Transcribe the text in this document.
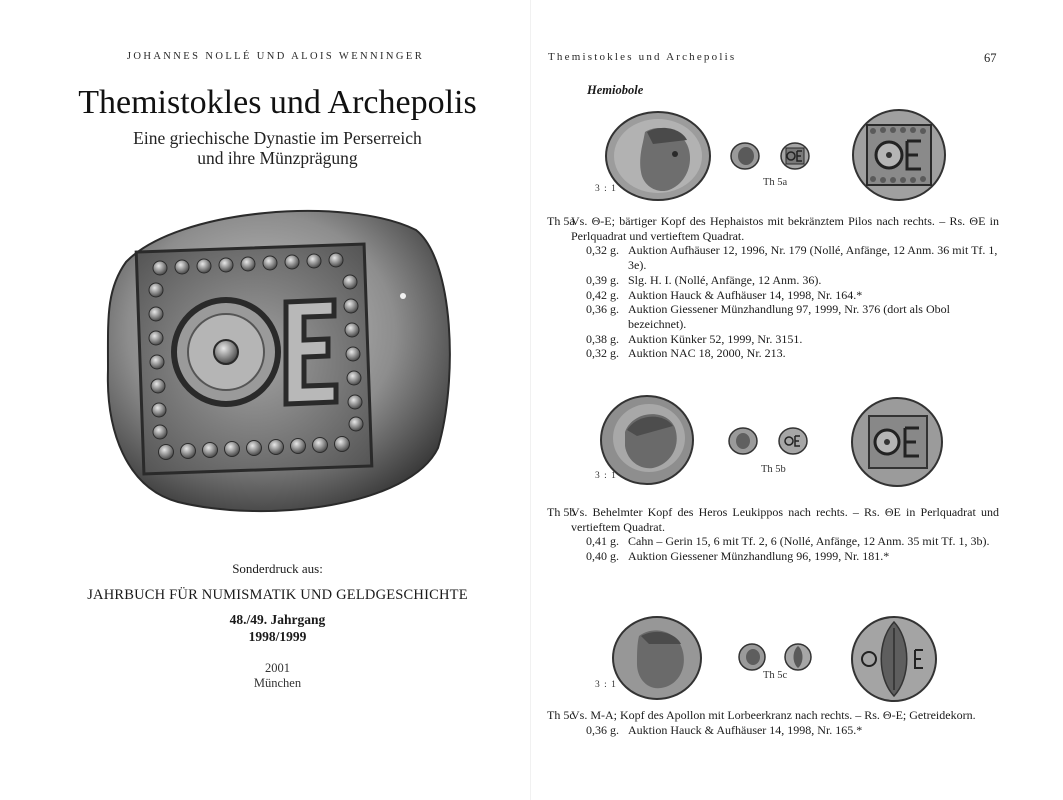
JOHANNES NOLLÉ UND ALOIS WENNINGER
Themistokles und Archepolis
Eine griechische Dynastie im Perserreich
und ihre Münzprägung
Sonderdruck aus:
JAHRBUCH FÜR NUMISMATIK UND GELDGESCHICHTE
48./49. Jahrgang
1998/1999
2001
München
Themistokles und Archepolis	67
Hemiobole
3 : 1
Th 5a
Th 5a
Vs. Θ-E; bärtiger Kopf des Hephaistos mit bekränztem Pilos nach rechts. – Rs. ΘE in Perlquadrat und vertieftem Quadrat.
0,32 g. Auktion Aufhäuser 12, 1996, Nr. 179 (Nollé, Anfänge, 12 Anm. 36 mit Tf. 1, 3e).
0,39 g. Slg. H. I. (Nollé, Anfänge, 12 Anm. 36).
0,42 g. Auktion Hauck & Aufhäuser 14, 1998, Nr. 164.*
0,36 g. Auktion Giessener Münzhandlung 97, 1999, Nr. 376 (dort als Obol bezeichnet).
0,38 g. Auktion Künker 52, 1999, Nr. 3151.
0,32 g. Auktion NAC 18, 2000, Nr. 213.
3 : 1
Th 5b
Th 5b
Vs. Behelmter Kopf des Heros Leukippos nach rechts. – Rs. ΘE in Perlquadrat und vertieftem Quadrat.
0,41 g. Cahn – Gerin 15, 6 mit Tf. 2, 6 (Nollé, Anfänge, 12 Anm. 35 mit Tf. 1, 3b).
0,40 g. Auktion Giessener Münzhandlung 96, 1999, Nr. 181.*
3 : 1
Th 5c
Th 5c
Vs. M-A; Kopf des Apollon mit Lorbeerkranz nach rechts. – Rs. Θ-E; Getreidekorn.
0,36 g. Auktion Hauck & Aufhäuser 14, 1998, Nr. 165.*
